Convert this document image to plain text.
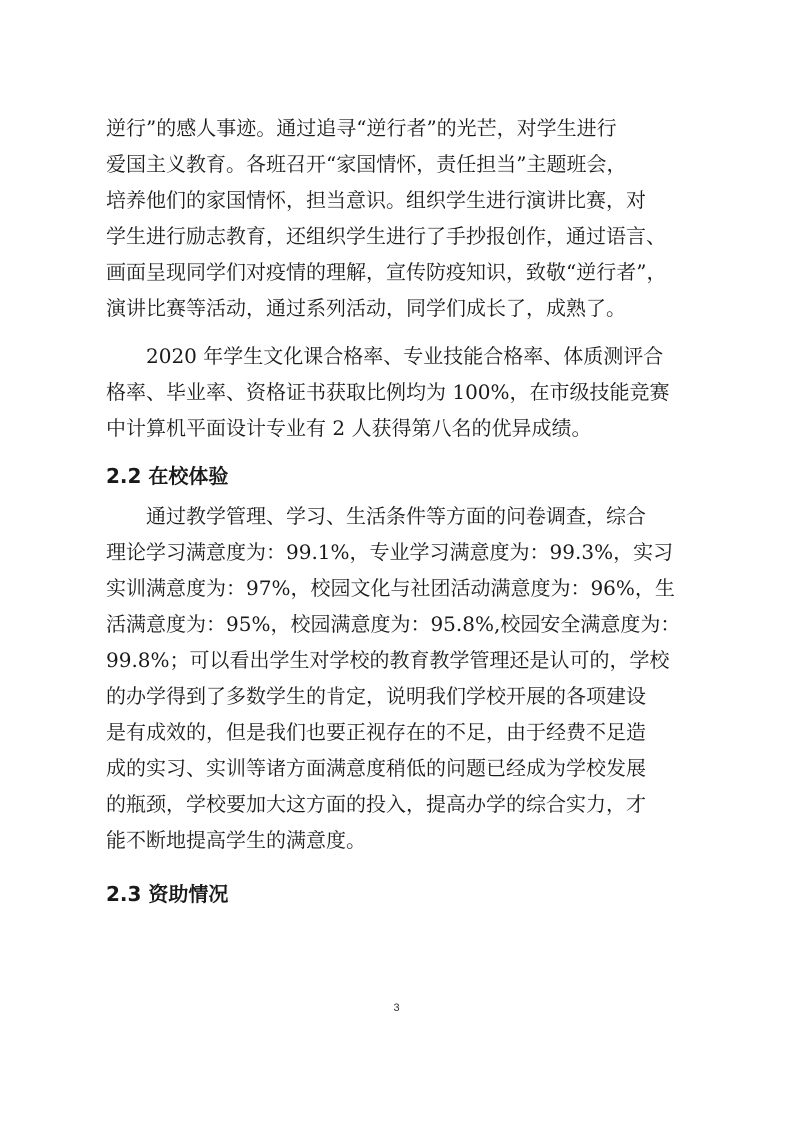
逆行”的感人事迹。通过追寻“逆行者”的光芒，对学生进行
爱国主义教育。各班召开“家国情怀，责任担当”主题班会，
培养他们的家国情怀，担当意识。组织学生进行演讲比赛，对
学生进行励志教育，还组织学生进行了手抄报创作，通过语言、
画面呈现同学们对疫情的理解，宣传防疫知识，致敬“逆行者”，
演讲比赛等活动，通过系列活动，同学们成长了，成熟了。
2020 年学生文化课合格率、专业技能合格率、体质测评合
格率、毕业率、资格证书获取比例均为 100%，在市级技能竞赛
中计算机平面设计专业有 2 人获得第八名的优异成绩。
2.2 在校体验
通过教学管理、学习、生活条件等方面的问卷调查，综合
理论学习满意度为：99.1%，专业学习满意度为：99.3%，实习
实训满意度为：97%，校园文化与社团活动满意度为：96%，生
活满意度为：95%，校园满意度为：95.8%,校园安全满意度为：
99.8%；可以看出学生对学校的教育教学管理还是认可的，学校
的办学得到了多数学生的肯定，说明我们学校开展的各项建设
是有成效的，但是我们也要正视存在的不足，由于经费不足造
成的实习、实训等诸方面满意度稍低的问题已经成为学校发展
的瓶颈，学校要加大这方面的投入，提高办学的综合实力，才
能不断地提高学生的满意度。
2.3 资助情况
3
